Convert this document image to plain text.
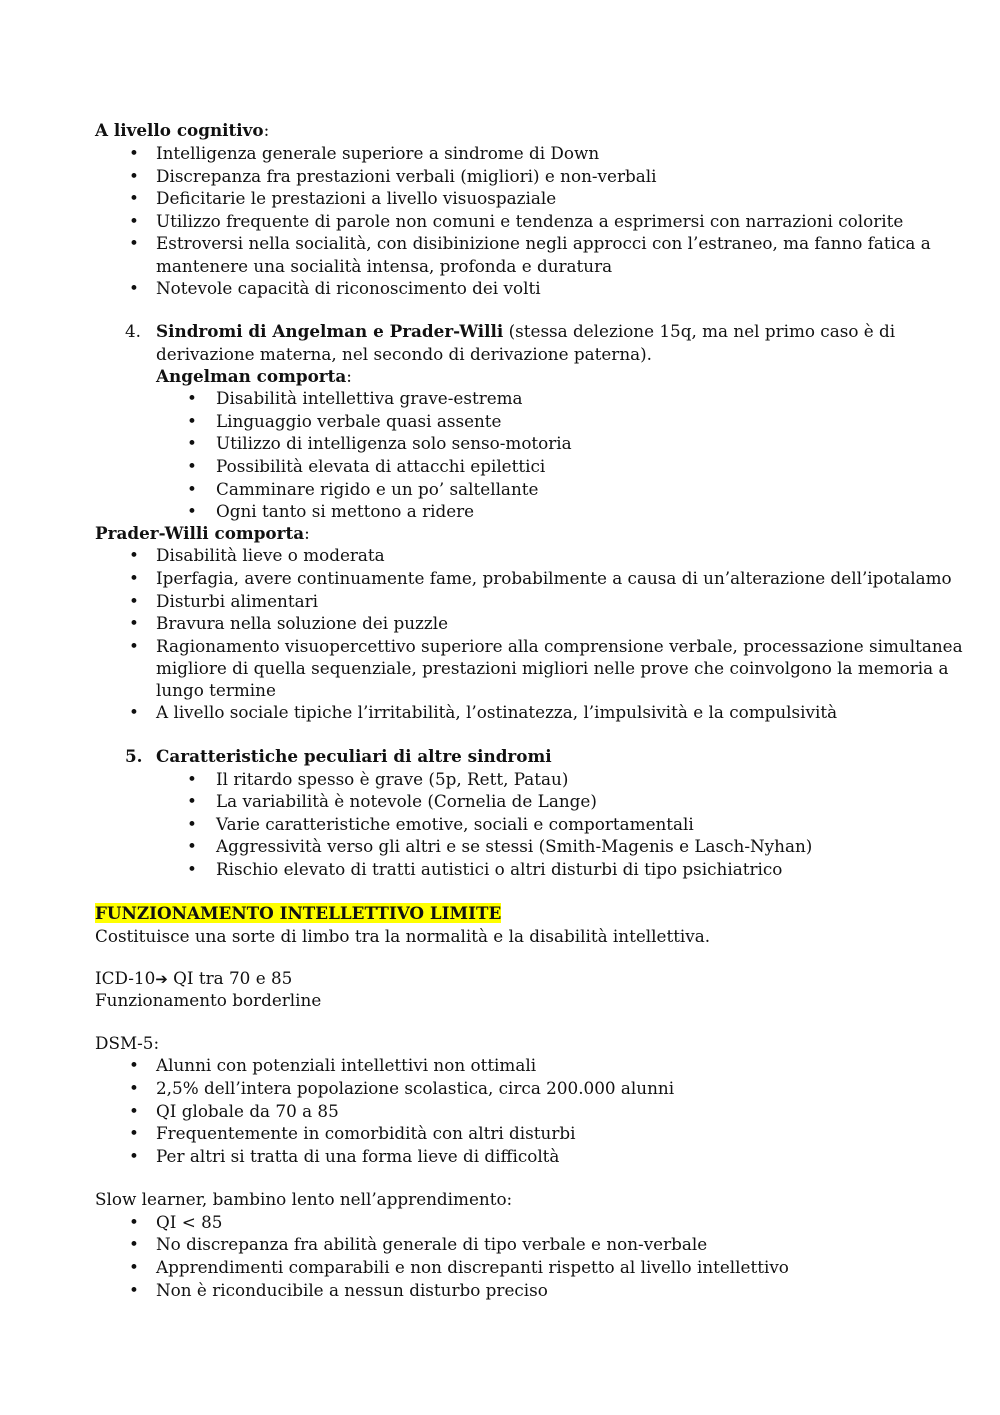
A livello cognitivo:
• Intelligenza generale superiore a sindrome di Down
• Discrepanza fra prestazioni verbali (migliori) e non-verbali
• Deficitarie le prestazioni a livello visuospaziale
• Utilizzo frequente di parole non comuni e tendenza a esprimersi con narrazioni colorite
• Estroversi nella socialità, con disibinizione negli approcci con l’estraneo, ma fanno fatica a
mantenere una socialità intensa, profonda e duratura
• Notevole capacità di riconoscimento dei volti
4. Sindromi di Angelman e Prader-Willi (stessa delezione 15q, ma nel primo caso è di
derivazione materna, nel secondo di derivazione paterna).
Angelman comporta:
• Disabilità intellettiva grave-estrema
• Linguaggio verbale quasi assente
• Utilizzo di intelligenza solo senso-motoria
• Possibilità elevata di attacchi epilettici
• Camminare rigido e un po’ saltellante
• Ogni tanto si mettono a ridere
Prader-Willi comporta:
• Disabilità lieve o moderata
• Iperfagia, avere continuamente fame, probabilmente a causa di un’alterazione dell’ipotalamo
• Disturbi alimentari
• Bravura nella soluzione dei puzzle
• Ragionamento visuopercettivo superiore alla comprensione verbale, processazione simultanea
migliore di quella sequenziale, prestazioni migliori nelle prove che coinvolgono la memoria a
lungo termine
• A livello sociale tipiche l’irritabilità, l’ostinatezza, l’impulsività e la compulsività
5. Caratteristiche peculiari di altre sindromi
• Il ritardo spesso è grave (5p, Rett, Patau)
• La variabilità è notevole (Cornelia de Lange)
• Varie caratteristiche emotive, sociali e comportamentali
• Aggressività verso gli altri e se stessi (Smith-Magenis e Lasch-Nyhan)
• Rischio elevato di tratti autistici o altri disturbi di tipo psichiatrico
FUNZIONAMENTO INTELLETTIVO LIMITE
Costituisce una sorte di limbo tra la normalità e la disabilità intellettiva.
ICD-10➔ QI tra 70 e 85
Funzionamento borderline
DSM-5:
• Alunni con potenziali intellettivi non ottimali
• 2,5% dell’intera popolazione scolastica, circa 200.000 alunni
• QI globale da 70 a 85
• Frequentemente in comorbidità con altri disturbi
• Per altri si tratta di una forma lieve di difficoltà
Slow learner, bambino lento nell’apprendimento:
• QI < 85
• No discrepanza fra abilità generale di tipo verbale e non-verbale
• Apprendimenti comparabili e non discrepanti rispetto al livello intellettivo
• Non è riconducibile a nessun disturbo preciso
